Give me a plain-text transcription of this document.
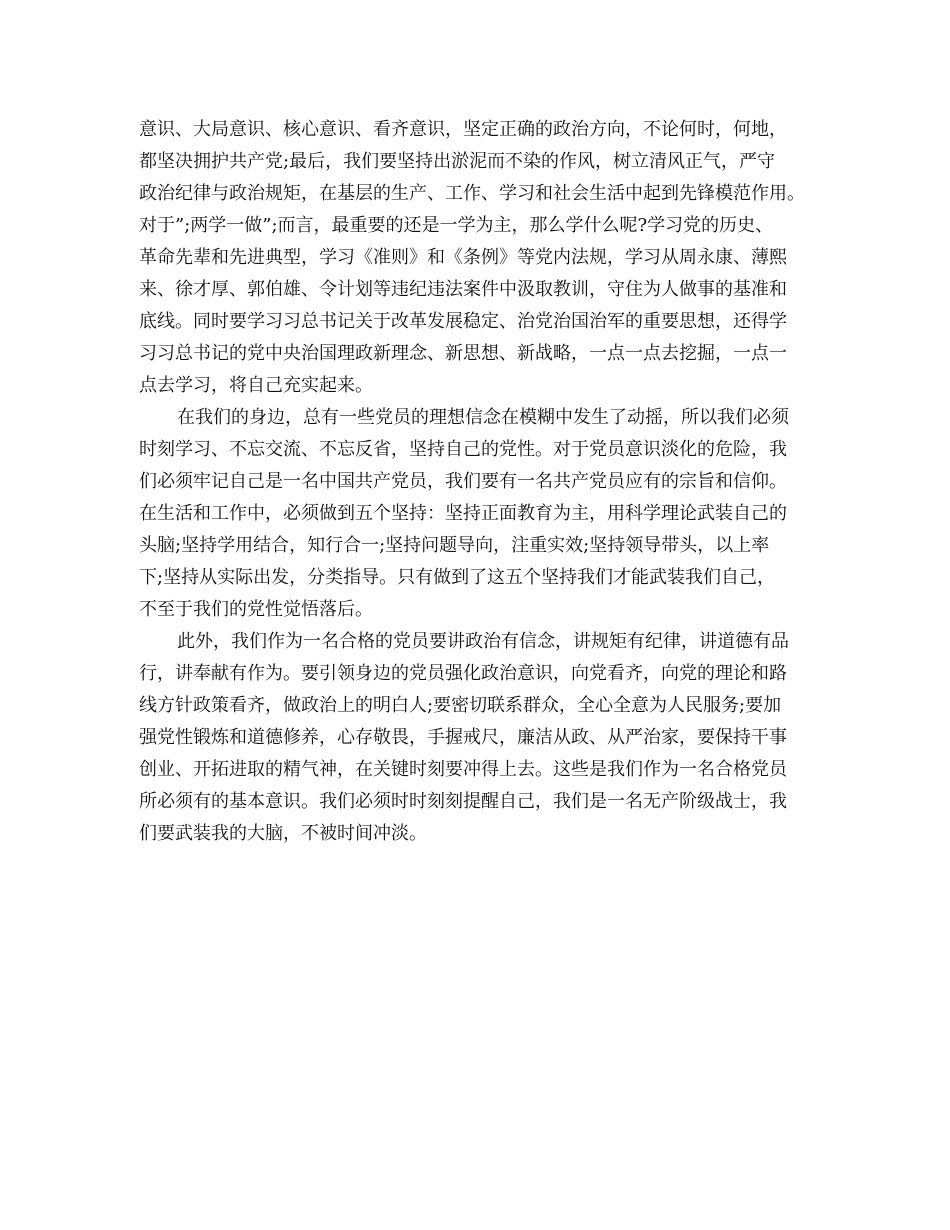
意识、大局意识、核心意识、看齐意识，坚定正确的政治方向，不论何时，何地，
都坚决拥护共产党;最后，我们要坚持出淤泥而不染的作风，树立清风正气，严守
政治纪律与政治规矩，在基层的生产、工作、学习和社会生活中起到先锋模范作用。
对于”;两学一做”;而言，最重要的还是一学为主，那么学什么呢?学习党的历史、
革命先辈和先进典型，学习《准则》和《条例》等党内法规，学习从周永康、薄熙
来、徐才厚、郭伯雄、令计划等违纪违法案件中汲取教训，守住为人做事的基准和
底线。同时要学习习总书记关于改革发展稳定、治党治国治军的重要思想，还得学
习习总书记的党中央治国理政新理念、新思想、新战略，一点一点去挖掘，一点一
点去学习，将自己充实起来。
在我们的身边，总有一些党员的理想信念在模糊中发生了动摇，所以我们必须
时刻学习、不忘交流、不忘反省，坚持自己的党性。对于党员意识淡化的危险，我
们必须牢记自己是一名中国共产党员，我们要有一名共产党员应有的宗旨和信仰。
在生活和工作中，必须做到五个坚持：坚持正面教育为主，用科学理论武装自己的
头脑;坚持学用结合，知行合一;坚持问题导向，注重实效;坚持领导带头，以上率
下;坚持从实际出发，分类指导。只有做到了这五个坚持我们才能武装我们自己，
不至于我们的党性觉悟落后。
此外，我们作为一名合格的党员要讲政治有信念，讲规矩有纪律，讲道德有品
行，讲奉献有作为。要引领身边的党员强化政治意识，向党看齐，向党的理论和路
线方针政策看齐，做政治上的明白人;要密切联系群众，全心全意为人民服务;要加
强党性锻炼和道德修养，心存敬畏，手握戒尺，廉洁从政、从严治家，要保持干事
创业、开拓进取的精气神，在关键时刻要冲得上去。这些是我们作为一名合格党员
所必须有的基本意识。我们必须时时刻刻提醒自己，我们是一名无产阶级战士，我
们要武装我的大脑，不被时间冲淡。
